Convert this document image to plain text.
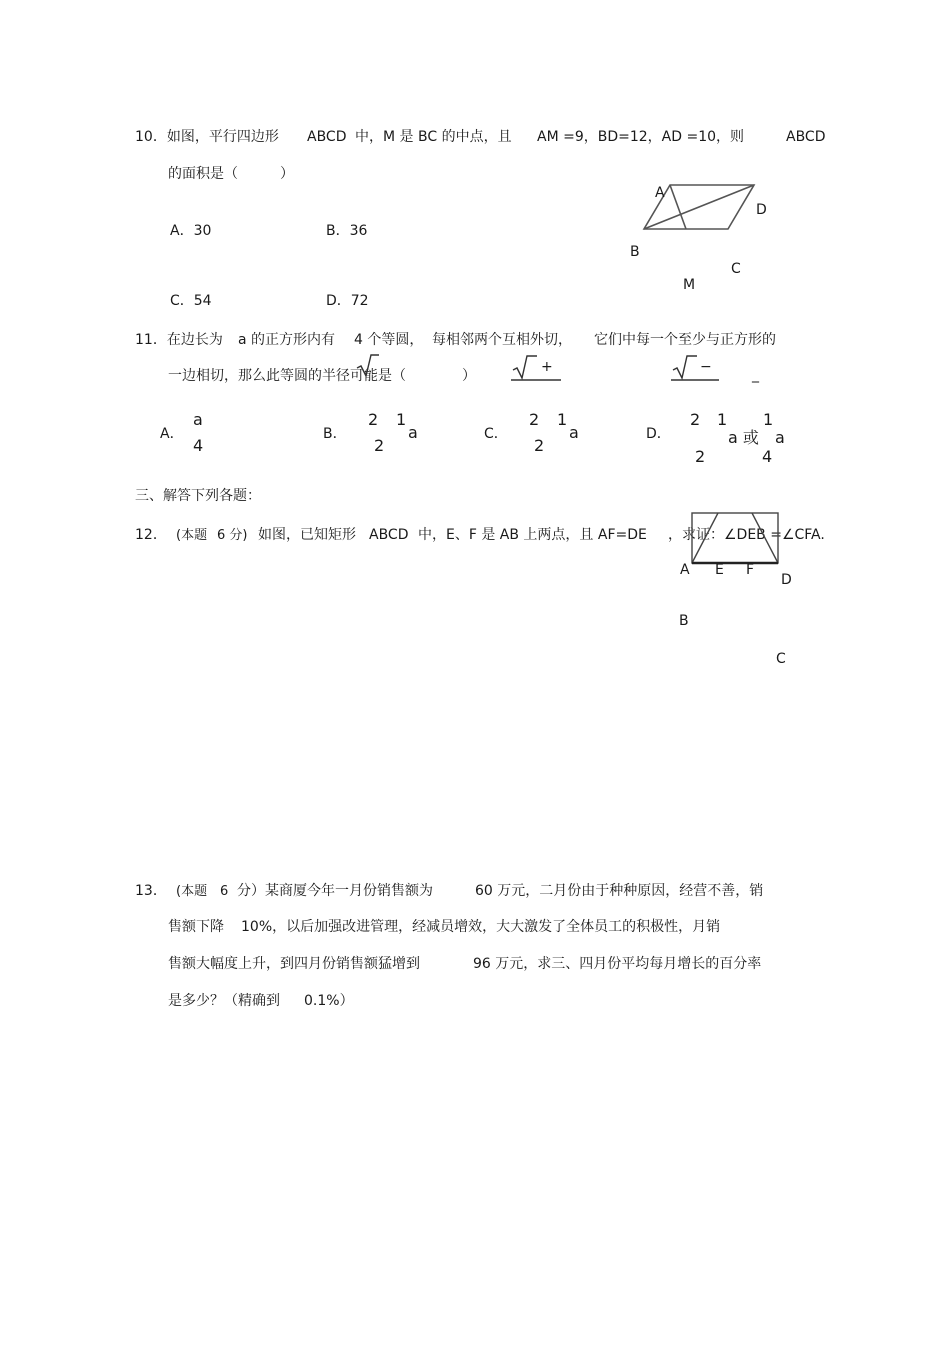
10．如图，平行四边形 ABCD 中，M 是 BC 的中点，且 AM =9，BD=12，AD =10，则	ABCD
的面积是（　　　）
A．30	B．36
C．54	D．72
A
D
B
C
M
11．在边长为 a 的正方形内有 4 个等圆， 每相邻两个互相外切， 它们中每一个至少与正方形的
一边相切，那么此等圆的半径可能是（　　　　）
+	−	_
A．
a
4
B．
2 1
2
a	C．
2 1
2
a	D．
2 1
2
a 或
1
4
a
三、解答下列各题：
12． (本题 6 分) 如图，已知矩形 ABCD 中，E、F 是 AB 上两点，且 AF=DE ，求证：∠DEB =∠CFA.
A E F
D
B
C
13． (本题 6 分）某商厦今年一月份销售额为	60 万元，二月份由于种种原因，经营不善，销
售额下降 10%，以后加强改进管理，经减员增效，大大激发了全体员工的积极性，月销
售额大幅度上升，到四月份销售额猛增到	96 万元，求三、四月份平均每月增长的百分率
是多少？（精确到 0.1%）
